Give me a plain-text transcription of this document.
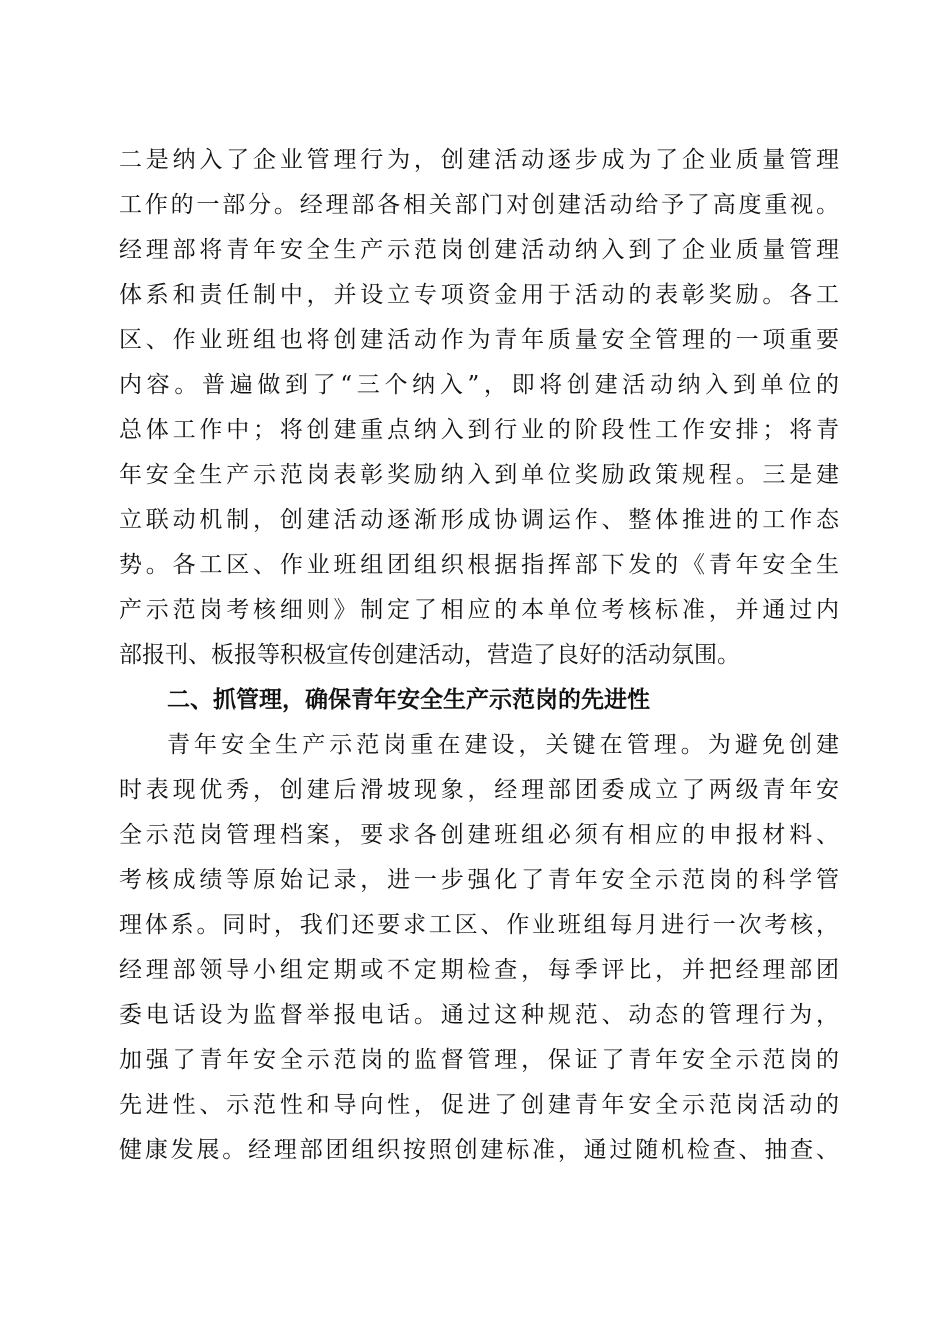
二是纳入了企业管理行为，创建活动逐步成为了企业质量管理
工作的一部分。经理部各相关部门对创建活动给予了高度重视。
经理部将青年安全生产示范岗创建活动纳入到了企业质量管理
体系和责任制中，并设立专项资金用于活动的表彰奖励。各工
区、作业班组也将创建活动作为青年质量安全管理的一项重要
内容。普遍做到了“三个纳入”，即将创建活动纳入到单位的
总体工作中；将创建重点纳入到行业的阶段性工作安排；将青
年安全生产示范岗表彰奖励纳入到单位奖励政策规程。三是建
立联动机制，创建活动逐渐形成协调运作、整体推进的工作态
势。各工区、作业班组团组织根据指挥部下发的《青年安全生
产示范岗考核细则》制定了相应的本单位考核标准，并通过内
部报刊、板报等积极宣传创建活动，营造了良好的活动氛围。
二、抓管理，确保青年安全生产示范岗的先进性
青年安全生产示范岗重在建设，关键在管理。为避免创建
时表现优秀，创建后滑坡现象，经理部团委成立了两级青年安
全示范岗管理档案，要求各创建班组必须有相应的申报材料、
考核成绩等原始记录，进一步强化了青年安全示范岗的科学管
理体系。同时，我们还要求工区、作业班组每月进行一次考核，
经理部领导小组定期或不定期检查，每季评比，并把经理部团
委电话设为监督举报电话。通过这种规范、动态的管理行为，
加强了青年安全示范岗的监督管理，保证了青年安全示范岗的
先进性、示范性和导向性，促进了创建青年安全示范岗活动的
健康发展。经理部团组织按照创建标准，通过随机检查、抽查、
